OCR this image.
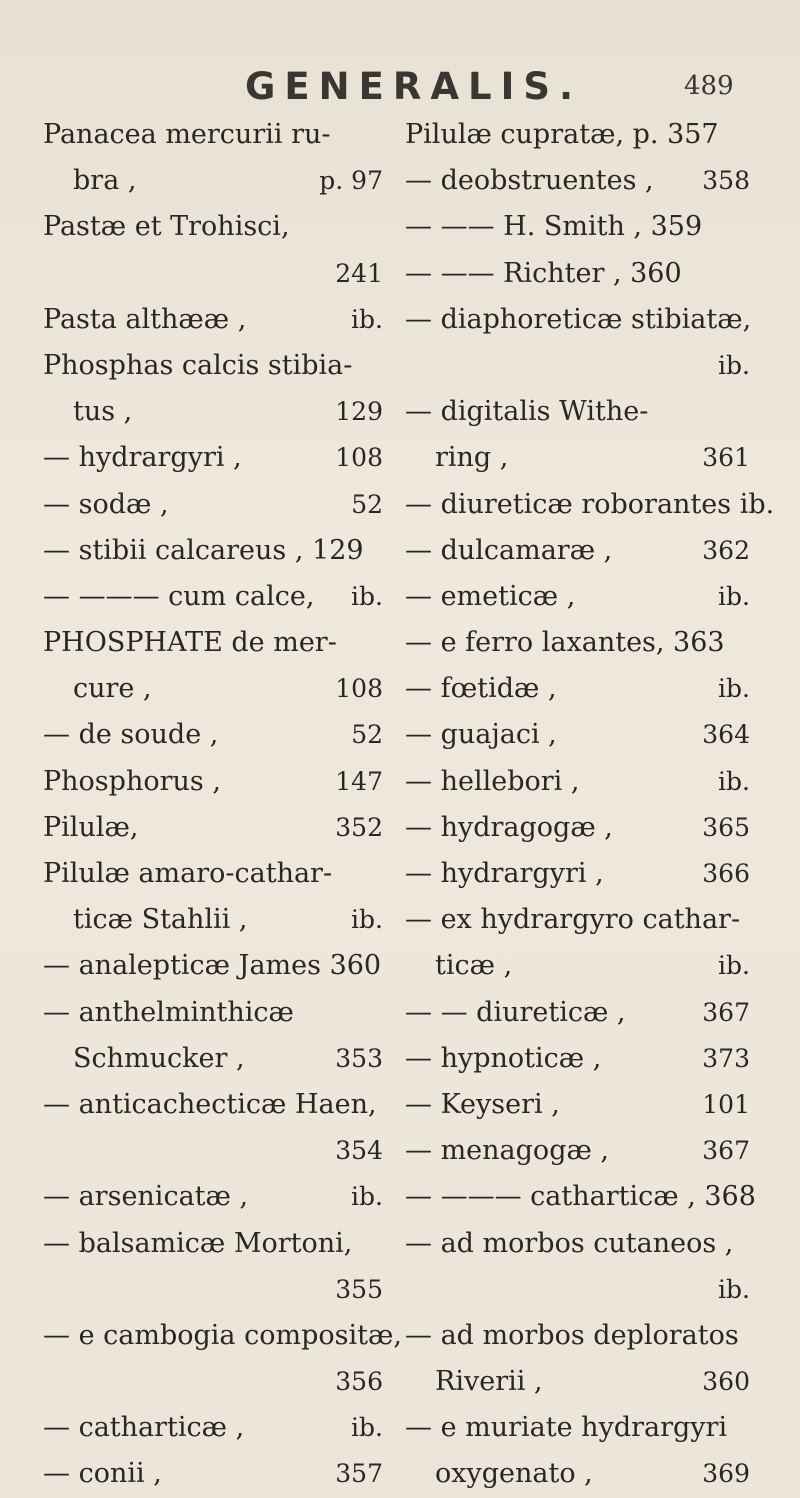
GENERALIS.	489
Panacea mercurii ru-
bra ,	p. 97
Pastæ et Trohisci,
241
Pasta althææ ,	ib.
Phosphas calcis stibia-
tus ,	129
— hydrargyri ,	108
— sodæ ,	52
— stibii calcareus , 129
— ——— cum calce, ib.
PHOSPHATE de mer-
cure ,	108
— de soude ,	52
Phosphorus ,	147
Pilulæ,	352
Pilulæ amaro-cathar-
ticæ Stahlii ,	ib.
— analepticæ James 360
— anthelminthicæ
Schmucker ,	353
— anticachecticæ Haen,
354
— arsenicatæ ,	ib.
— balsamicæ Mortoni,
355
— e cambogia compositæ,
356
— catharticæ ,	ib.
— conii ,	357
Pilulæ cupratæ, p. 357
— deobstruentes , 358
— —— H. Smith , 359
— —— Richter , 360
— diaphoreticæ stibiatæ,
ib.
— digitalis Withe-
ring ,	361
— diureticæ roborantes ib.
— dulcamaræ ,	362
— emeticæ ,	ib.
— e ferro laxantes, 363
— fœtidæ ,	ib.
— guajaci ,	364
— hellebori ,	ib.
— hydragogæ ,	365
— hydrargyri ,	366
— ex hydrargyro cathar-
ticæ ,	ib.
— — diureticæ ,	367
— hypnoticæ ,	373
— Keyseri ,	101
— menagogæ ,	367
— ——— catharticæ , 368
— ad morbos cutaneos ,
ib.
— ad morbos deploratos
Riverii ,	360
— e muriate hydrargyri
oxygenato ,	369
